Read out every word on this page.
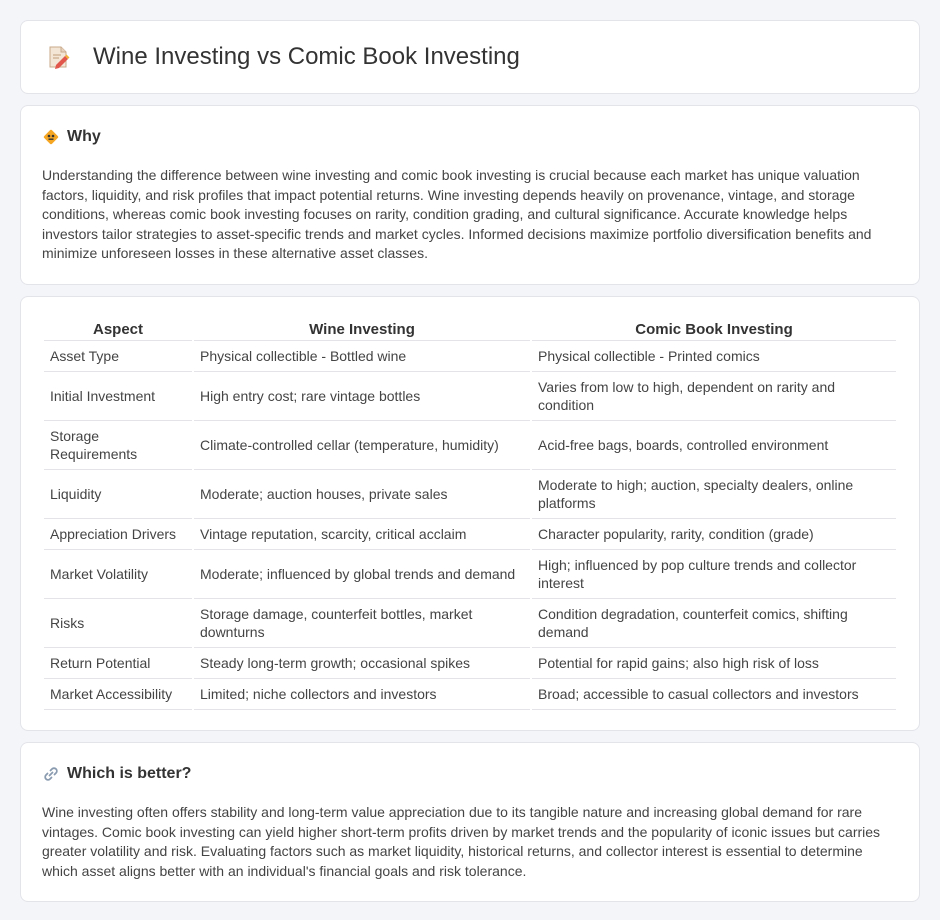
Wine Investing vs Comic Book Investing
Why

Understanding the difference between wine investing and comic book investing is crucial because each market has unique valuation factors, liquidity, and risk profiles that impact potential returns. Wine investing depends heavily on provenance, vintage, and storage conditions, whereas comic book investing focuses on rarity, condition grading, and cultural significance. Accurate knowledge helps investors tailor strategies to asset-specific trends and market cycles. Informed decisions maximize portfolio diversification benefits and minimize unforeseen losses in these alternative asset classes.

Aspect	Wine Investing	Comic Book Investing
Asset Type	Physical collectible - Bottled wine	Physical collectible - Printed comics
Initial Investment	High entry cost; rare vintage bottles	Varies from low to high, dependent on rarity and condition
Storage Requirements	Climate-controlled cellar (temperature, humidity)	Acid-free bags, boards, controlled environment
Liquidity	Moderate; auction houses, private sales	Moderate to high; auction, specialty dealers, online platforms
Appreciation Drivers	Vintage reputation, scarcity, critical acclaim	Character popularity, rarity, condition (grade)
Market Volatility	Moderate; influenced by global trends and demand	High; influenced by pop culture trends and collector interest
Risks	Storage damage, counterfeit bottles, market downturns	Condition degradation, counterfeit comics, shifting demand
Return Potential	Steady long-term growth; occasional spikes	Potential for rapid gains; also high risk of loss
Market Accessibility	Limited; niche collectors and investors	Broad; accessible to casual collectors and investors
Which is better?

Wine investing often offers stability and long-term value appreciation due to its tangible nature and increasing global demand for rare vintages. Comic book investing can yield higher short-term profits driven by market trends and the popularity of iconic issues but carries greater volatility and risk. Evaluating factors such as market liquidity, historical returns, and collector interest is essential to determine which asset aligns better with an individual's financial goals and risk tolerance.
